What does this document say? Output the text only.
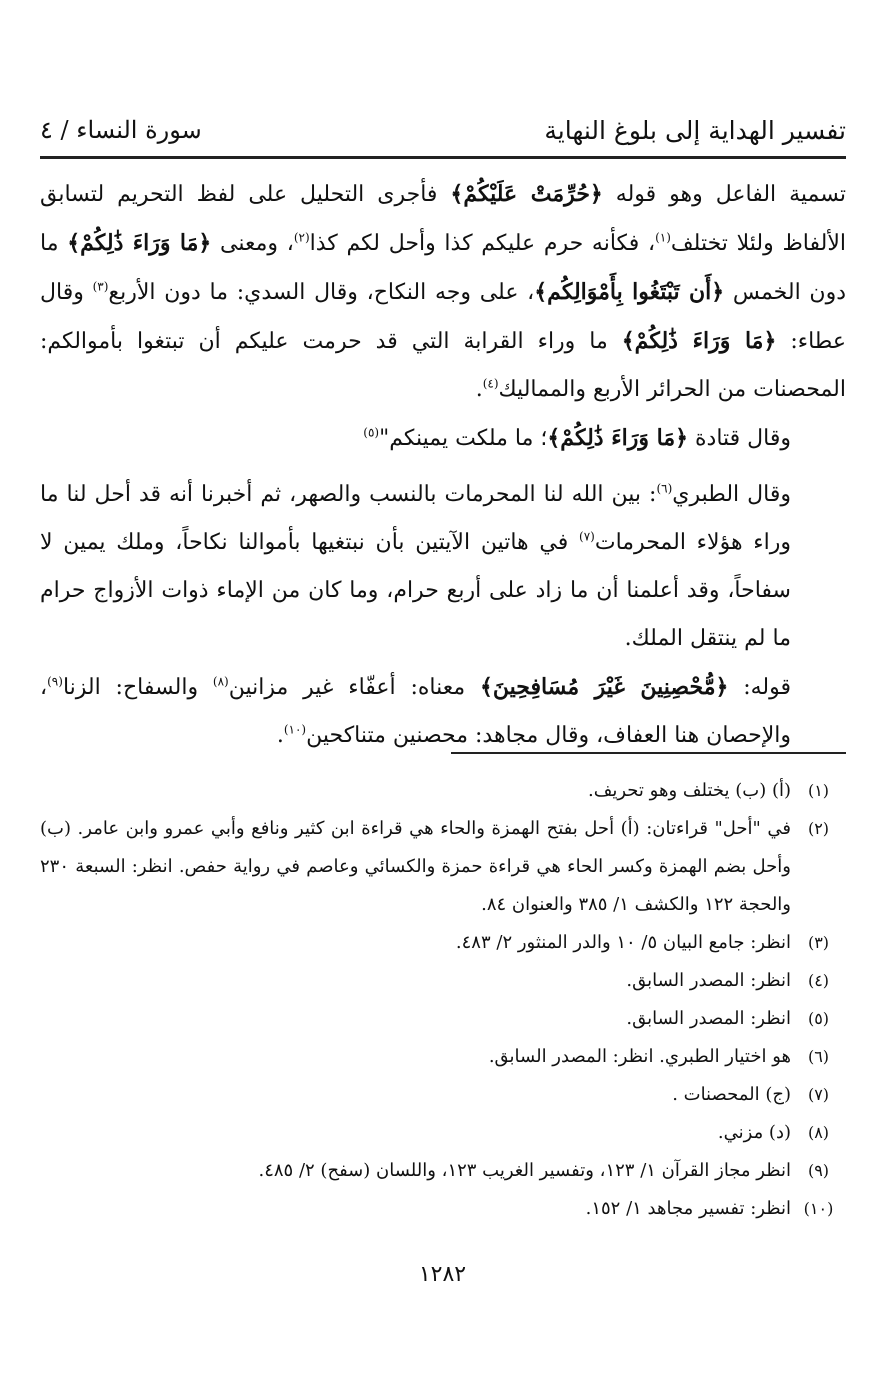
تفسير الهداية إلى بلوغ النهاية
سورة النساء / ٤

تسمية الفاعل وهو قوله ﴿حُرِّمَتْ عَلَيْكُمْ﴾ فأجرى التحليل على لفظ التحريم لتسابق الألفاظ ولئلا تختلف$^{(١)}$، فكأنه حرم عليكم كذا وأحل لكم كذا$^{(٢)}$، ومعنى ﴿مَا وَرَاءَ ذَٰلِكُمْ﴾ ما دون الخمس ﴿أَن تَبْتَغُوا بِأَمْوَالِكُم﴾، على وجه النكاح، وقال السدي: ما دون الأربع$^{(٣)}$ وقال عطاء: ﴿مَا وَرَاءَ ذَٰلِكُمْ﴾ ما وراء القرابة التي قد حرمت عليكم أن تبتغوا بأموالكم: المحصنات من الحرائر الأربع والمماليك$^{(٤)}$.

وقال قتادة ﴿مَا وَرَاءَ ذَٰلِكُمْ﴾؛ ما ملكت يمينكم"$^{(٥)}$

وقال الطبري$^{(٦)}$: بين الله لنا المحرمات بالنسب والصهر، ثم أخبرنا أنه قد أحل لنا ما وراء هؤلاء المحرمات$^{(٧)}$ في هاتين الآيتين بأن نبتغيها بأموالنا نكاحاً، وملك يمين لا سفاحاً، وقد أعلمنا أن ما زاد على أربع حرام، وما كان من الإماء ذوات الأزواج حرام ما لم ينتقل الملك.

قوله: ﴿مُّحْصِنِينَ غَيْرَ مُسَافِحِينَ﴾ معناه: أعفّاء غير مزانين$^{(٨)}$ والسفاح: الزنا$^{(٩)}$، والإحصان هنا العفاف، وقال مجاهد: محصنين متناكحين$^{(١٠)}$.

(١)
(أ) (ب) يختلف وهو تحريف.
(٢)
في "أحل" قراءتان: (أ) أحل بفتح الهمزة والحاء هي قراءة ابن كثير ونافع وأبي عمرو وابن عامر. (ب) وأحل بضم الهمزة وكسر الحاء هي قراءة حمزة والكسائي وعاصم في رواية حفص. انظر: السبعة ٢٣٠ والحجة ١٢٢ والكشف ١/ ٣٨٥ والعنوان ٨٤.
(٣)
انظر: جامع البيان ٥/ ١٠ والدر المنثور ٢/ ٤٨٣.
(٤)
انظر: المصدر السابق.
(٥)
انظر: المصدر السابق.
(٦)
هو اختيار الطبري. انظر: المصدر السابق.
(٧)
(ج) المحصنات .
(٨)
(د) مزني.
(٩)
انظر مجاز القرآن ١/ ١٢٣، وتفسير الغريب ١٢٣، واللسان (سفح) ٢/ ٤٨٥.
(١٠)
انظر: تفسير مجاهد ١/ ١٥٢.
١٢٨٢
